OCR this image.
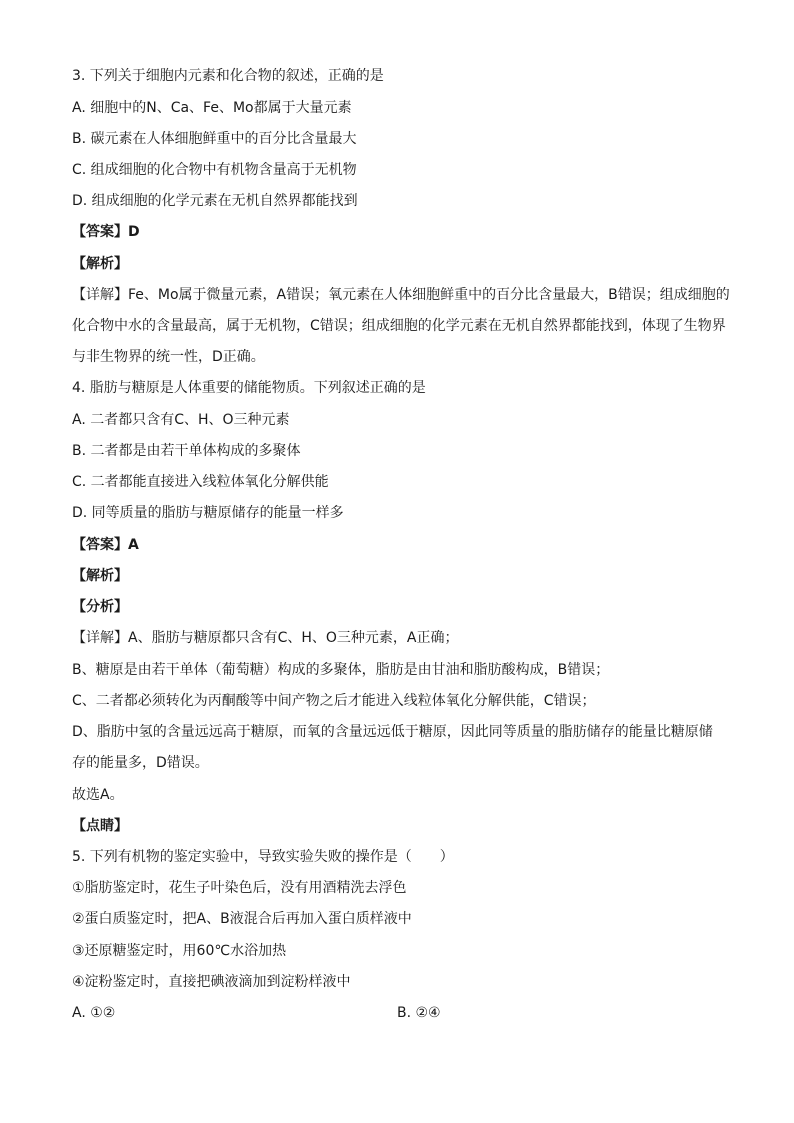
3. 下列关于细胞内元素和化合物的叙述，正确的是
A. 细胞中的N、Ca、Fe、Mo都属于大量元素
B. 碳元素在人体细胞鲜重中的百分比含量最大
C. 组成细胞的化合物中有机物含量高于无机物
D. 组成细胞的化学元素在无机自然界都能找到
【答案】D
【解析】
【详解】Fe、Mo属于微量元素，A错误；氧元素在人体细胞鲜重中的百分比含量最大，B错误；组成细胞的
化合物中水的含量最高，属于无机物，C错误；组成细胞的化学元素在无机自然界都能找到，体现了生物界
与非生物界的统一性，D正确。
4. 脂肪与糖原是人体重要的储能物质。下列叙述正确的是
A. 二者都只含有C、H、O三种元素
B. 二者都是由若干单体构成的多聚体
C. 二者都能直接进入线粒体氧化分解供能
D. 同等质量的脂肪与糖原储存的能量一样多
【答案】A
【解析】
【分析】
【详解】A、脂肪与糖原都只含有C、H、O三种元素，A正确；
B、糖原是由若干单体（葡萄糖）构成的多聚体，脂肪是由甘油和脂肪酸构成，B错误；
C、二者都必须转化为丙酮酸等中间产物之后才能进入线粒体氧化分解供能，C错误；
D、脂肪中氢的含量远远高于糖原，而氧的含量远远低于糖原，因此同等质量的脂肪储存的能量比糖原储
存的能量多，D错误。
故选A。
【点睛】
5. 下列有机物的鉴定实验中，导致实验失败的操作是（　　）
①脂肪鉴定时，花生子叶染色后，没有用酒精洗去浮色
②蛋白质鉴定时，把A、B液混合后再加入蛋白质样液中
③还原糖鉴定时，用60℃水浴加热
④淀粉鉴定时，直接把碘液滴加到淀粉样液中
A. ①②	B. ②④
